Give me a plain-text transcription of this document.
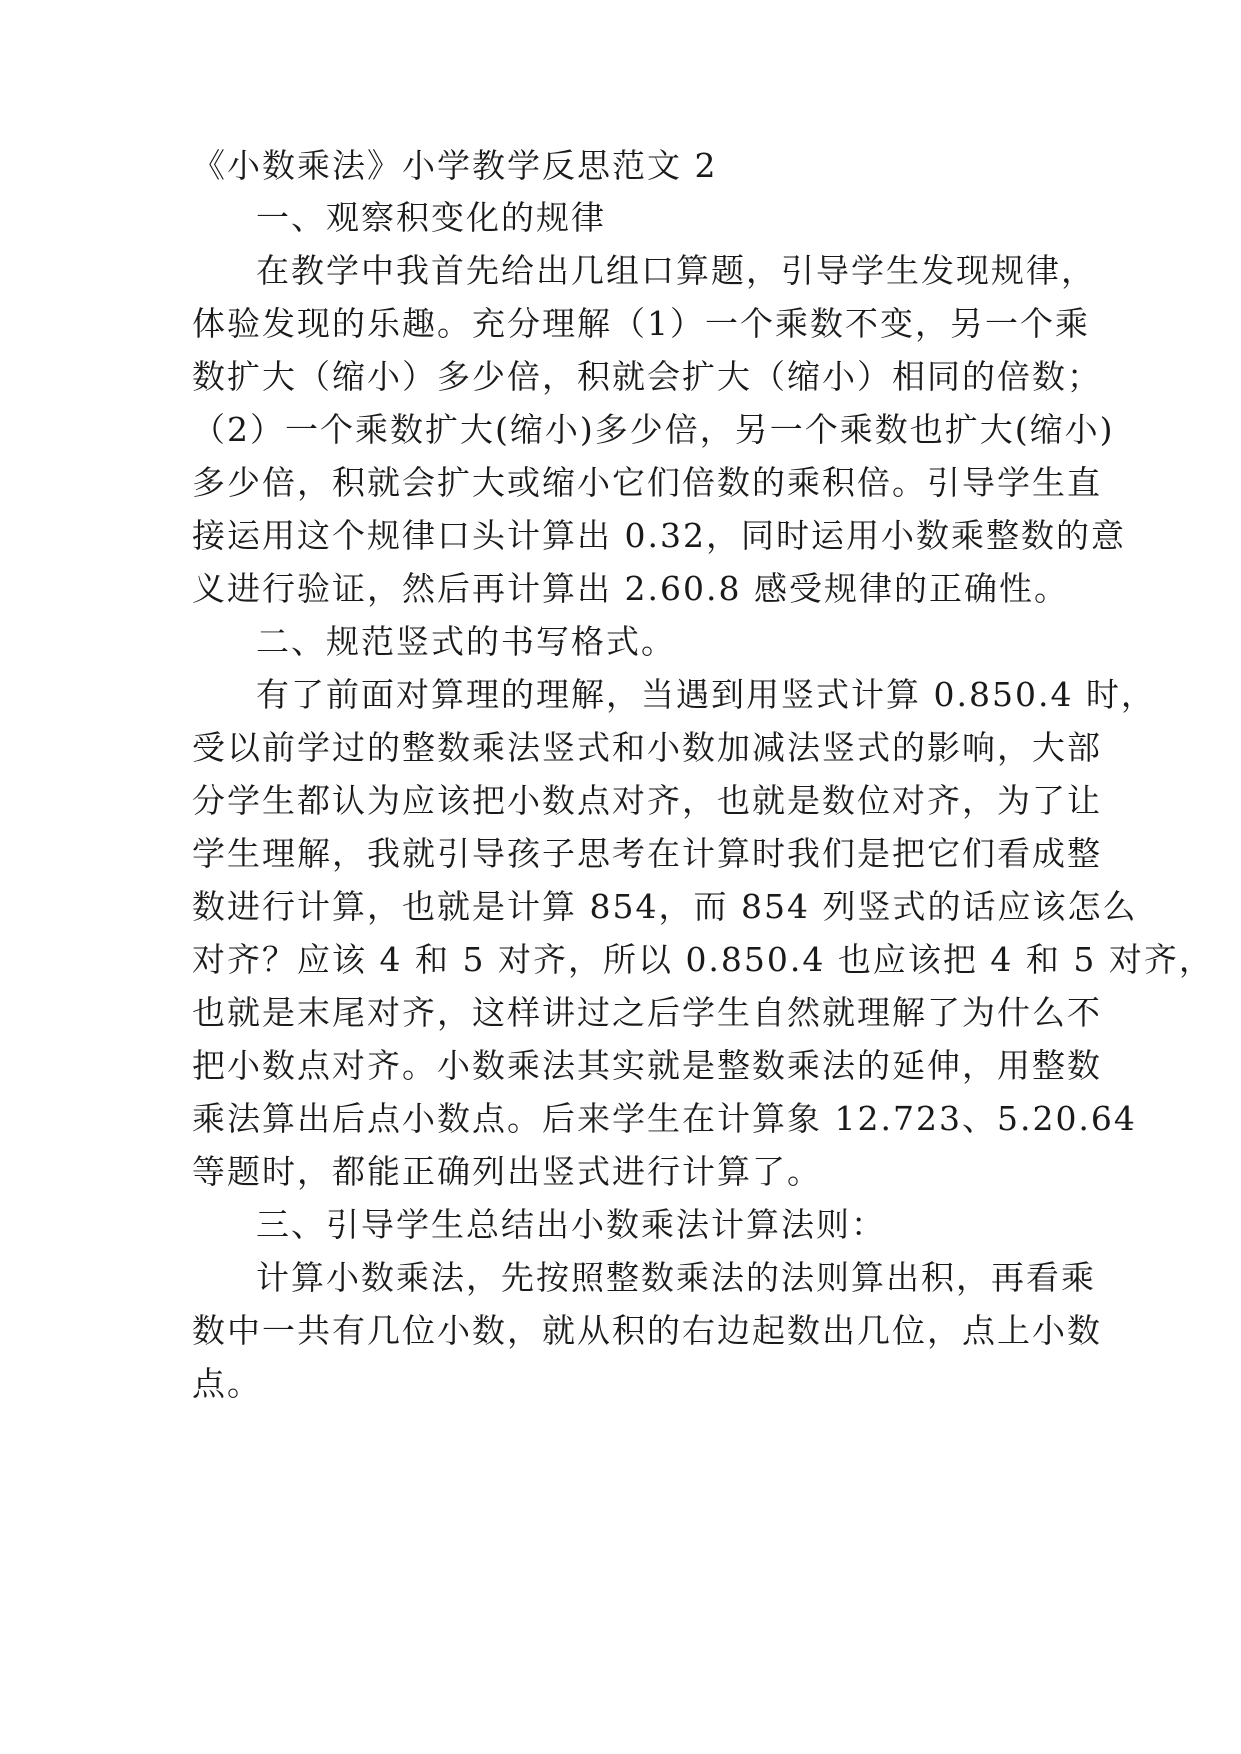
《小数乘法》小学教学反思范文 2
一、观察积变化的规律
在教学中我首先给出几组口算题，引导学生发现规律，
体验发现的乐趣。充分理解（1）一个乘数不变，另一个乘
数扩大（缩小）多少倍，积就会扩大（缩小）相同的倍数；
（2）一个乘数扩大(缩小)多少倍，另一个乘数也扩大(缩小)
多少倍，积就会扩大或缩小它们倍数的乘积倍。引导学生直
接运用这个规律口头计算出 0.32，同时运用小数乘整数的意
义进行验证，然后再计算出 2.60.8 感受规律的正确性。
二、规范竖式的书写格式。
有了前面对算理的理解，当遇到用竖式计算 0.850.4 时，
受以前学过的整数乘法竖式和小数加减法竖式的影响，大部
分学生都认为应该把小数点对齐，也就是数位对齐，为了让
学生理解，我就引导孩子思考在计算时我们是把它们看成整
数进行计算，也就是计算 854，而 854 列竖式的话应该怎么
对齐？应该 4 和 5 对齐，所以 0.850.4 也应该把 4 和 5 对齐，
也就是末尾对齐，这样讲过之后学生自然就理解了为什么不
把小数点对齐。小数乘法其实就是整数乘法的延伸，用整数
乘法算出后点小数点。后来学生在计算象 12.723、5.20.64
等题时，都能正确列出竖式进行计算了。
三、引导学生总结出小数乘法计算法则：
计算小数乘法，先按照整数乘法的法则算出积，再看乘
数中一共有几位小数，就从积的右边起数出几位，点上小数
点。
